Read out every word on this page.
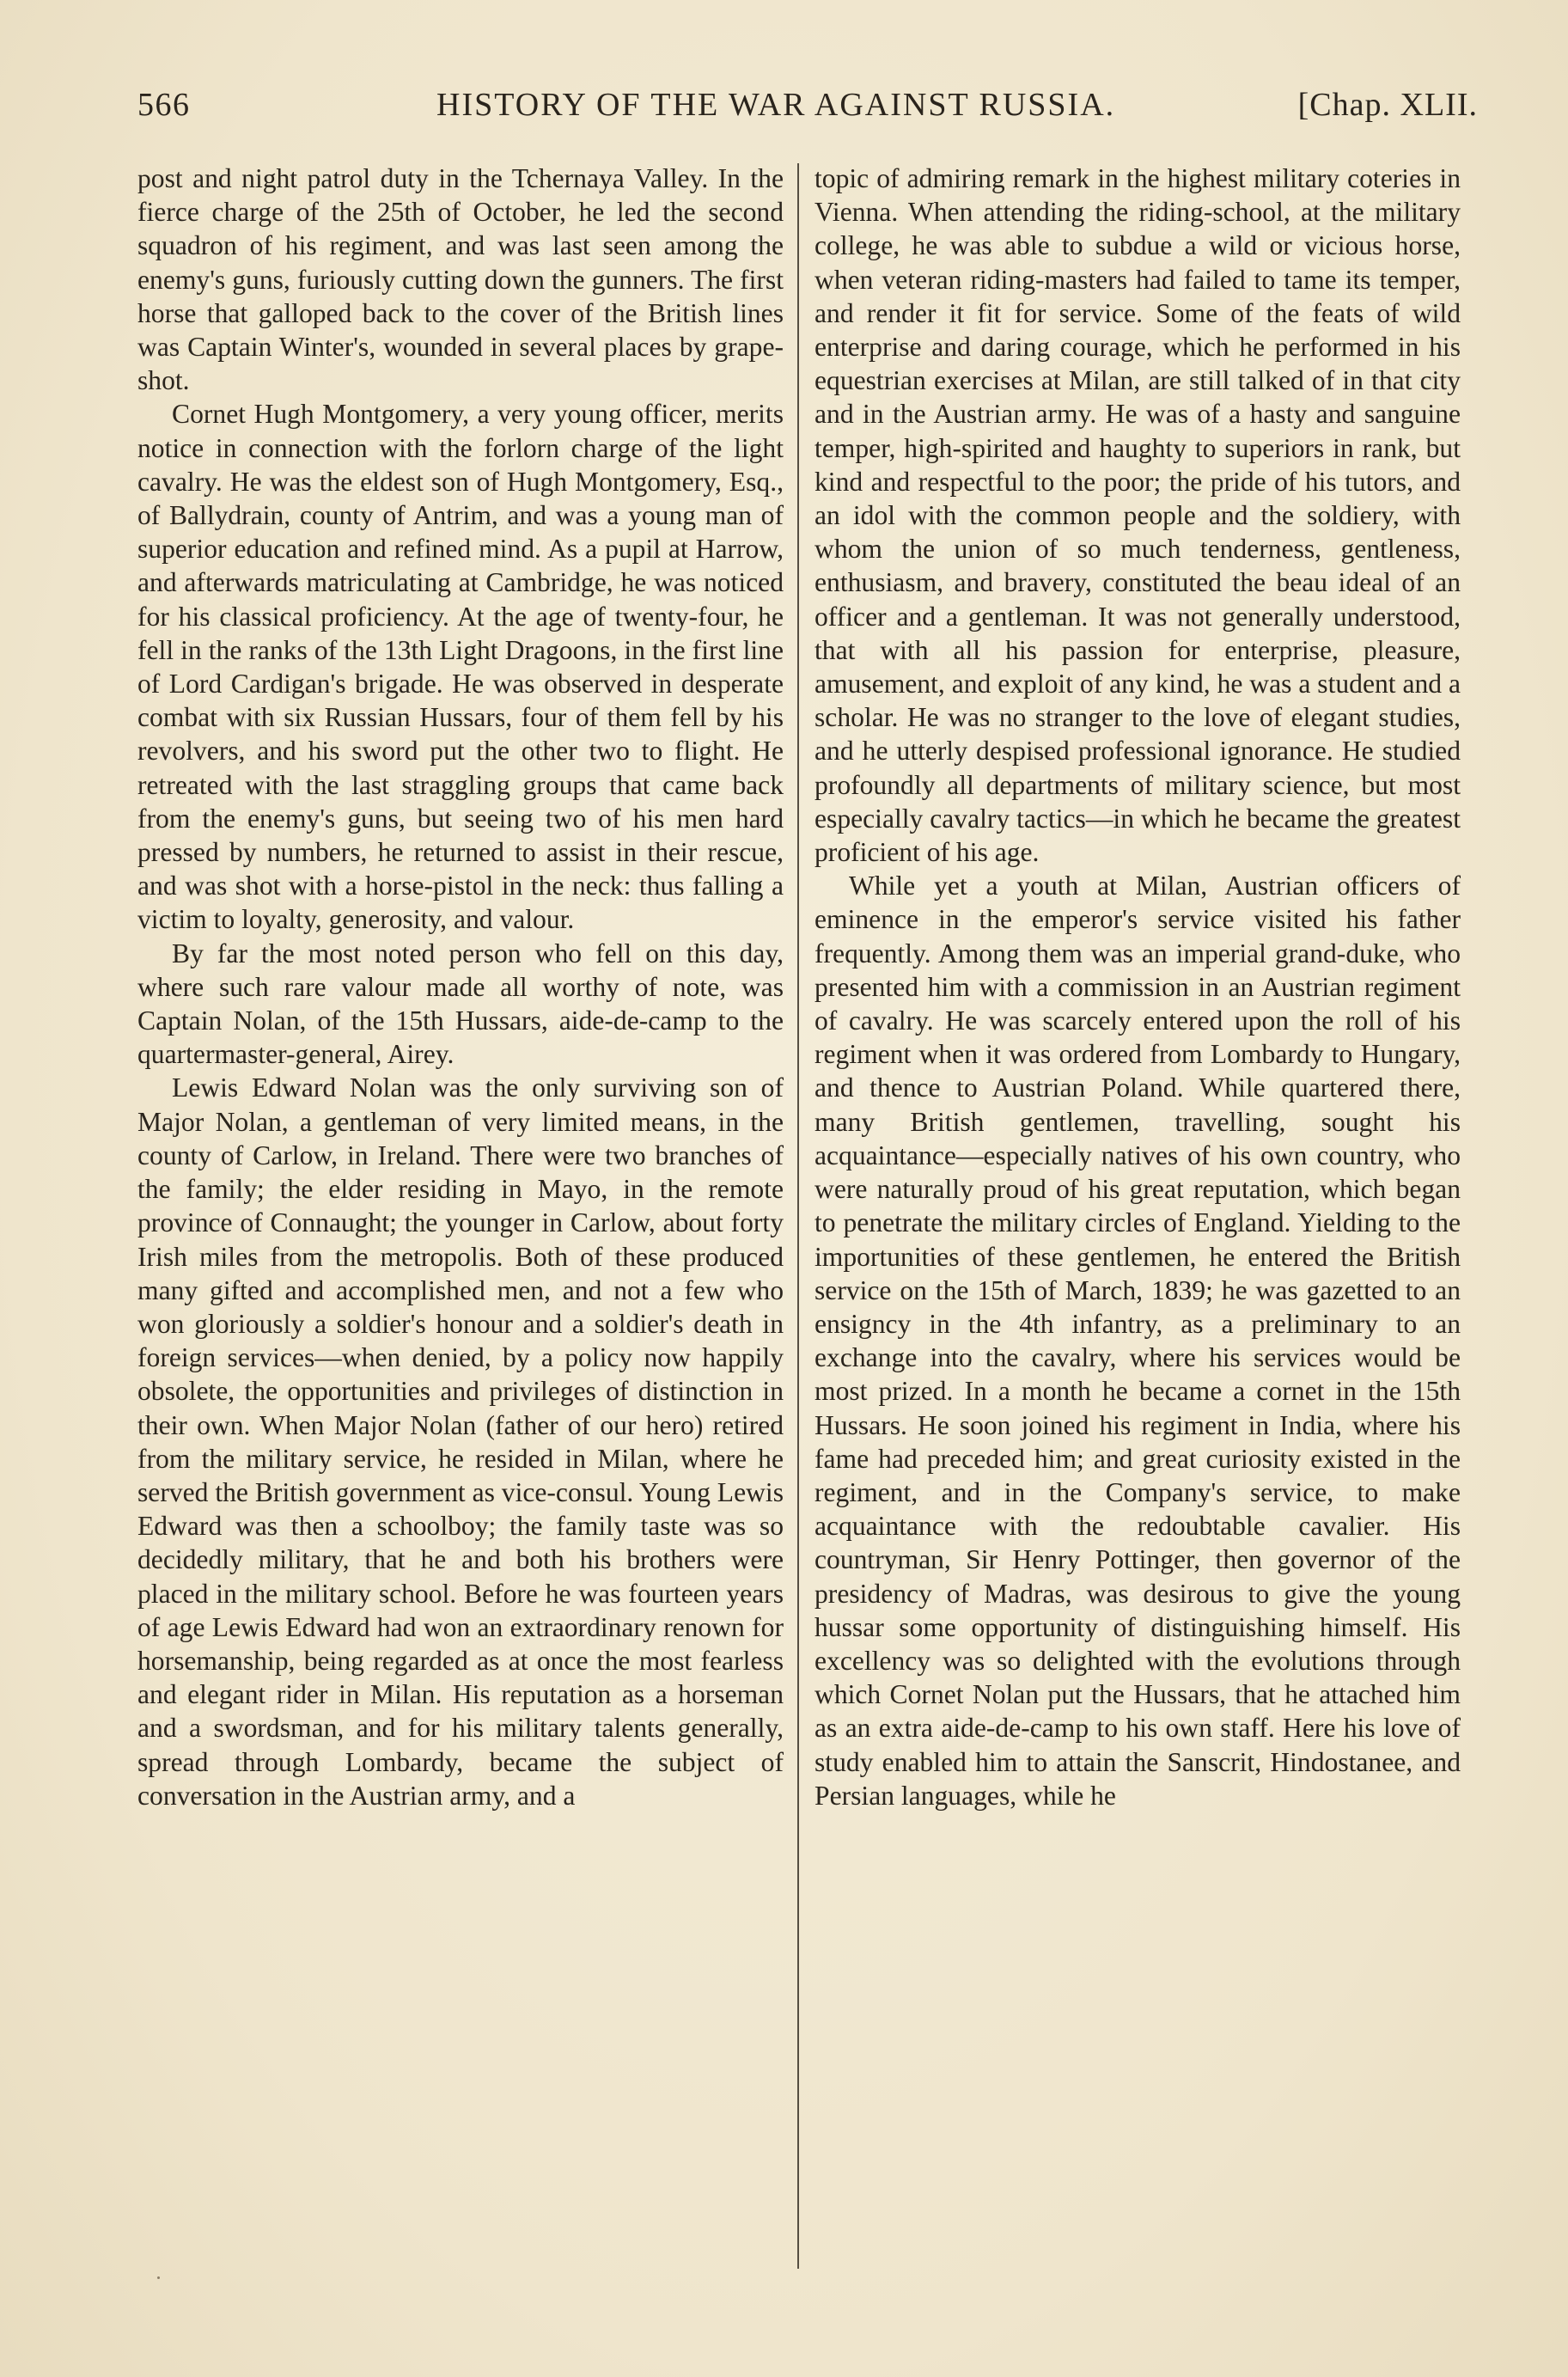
566	HISTORY OF THE WAR AGAINST RUSSIA.	[Chap. XLII.

post and night patrol duty in the Tchernaya Valley. In the fierce charge of the 25th of October, he led the second squadron of his regiment, and was last seen among the enemy's guns, furiously cutting down the gunners. The first horse that galloped back to the cover of the British lines was Captain Winter's, wounded in several places by grape-shot.

Cornet Hugh Montgomery, a very young officer, merits notice in connection with the forlorn charge of the light cavalry. He was the eldest son of Hugh Montgomery, Esq., of Ballydrain, county of Antrim, and was a young man of superior education and refined mind. As a pupil at Harrow, and afterwards matriculating at Cambridge, he was noticed for his classical proficiency. At the age of twenty-four, he fell in the ranks of the 13th Light Dragoons, in the first line of Lord Cardigan's brigade. He was observed in desperate combat with six Russian Hussars, four of them fell by his revolvers, and his sword put the other two to flight. He retreated with the last straggling groups that came back from the enemy's guns, but seeing two of his men hard pressed by numbers, he returned to assist in their rescue, and was shot with a horse-pistol in the neck: thus falling a victim to loyalty, generosity, and valour.

By far the most noted person who fell on this day, where such rare valour made all worthy of note, was Captain Nolan, of the 15th Hussars, aide-de-camp to the quartermaster-general, Airey.

Lewis Edward Nolan was the only surviving son of Major Nolan, a gentleman of very limited means, in the county of Carlow, in Ireland. There were two branches of the family; the elder residing in Mayo, in the remote province of Connaught; the younger in Carlow, about forty Irish miles from the metropolis. Both of these produced many gifted and accomplished men, and not a few who won gloriously a soldier's honour and a soldier's death in foreign services—when denied, by a policy now happily obsolete, the opportunities and privileges of distinction in their own. When Major Nolan (father of our hero) retired from the military service, he resided in Milan, where he served the British government as vice-consul. Young Lewis Edward was then a schoolboy; the family taste was so decidedly military, that he and both his brothers were placed in the military school. Before he was fourteen years of age Lewis Edward had won an extraordinary renown for horsemanship, being regarded as at once the most fearless and elegant rider in Milan. His reputation as a horseman and a swordsman, and for his military talents generally, spread through Lombardy, became the subject of conversation in the Austrian army, and a

topic of admiring remark in the highest military coteries in Vienna. When attending the riding-school, at the military college, he was able to subdue a wild or vicious horse, when veteran riding-masters had failed to tame its temper, and render it fit for service. Some of the feats of wild enterprise and daring courage, which he performed in his equestrian exercises at Milan, are still talked of in that city and in the Austrian army. He was of a hasty and sanguine temper, high-spirited and haughty to superiors in rank, but kind and respectful to the poor; the pride of his tutors, and an idol with the common people and the soldiery, with whom the union of so much tenderness, gentleness, enthusiasm, and bravery, constituted the beau ideal of an officer and a gentleman. It was not generally understood, that with all his passion for enterprise, pleasure, amusement, and exploit of any kind, he was a student and a scholar. He was no stranger to the love of elegant studies, and he utterly despised professional ignorance. He studied profoundly all departments of military science, but most especially cavalry tactics—in which he became the greatest proficient of his age.

While yet a youth at Milan, Austrian officers of eminence in the emperor's service visited his father frequently. Among them was an imperial grand-duke, who presented him with a commission in an Austrian regiment of cavalry. He was scarcely entered upon the roll of his regiment when it was ordered from Lombardy to Hungary, and thence to Austrian Poland. While quartered there, many British gentlemen, travelling, sought his acquaintance—especially natives of his own country, who were naturally proud of his great reputation, which began to penetrate the military circles of England. Yielding to the importunities of these gentlemen, he entered the British service on the 15th of March, 1839; he was gazetted to an ensigncy in the 4th infantry, as a preliminary to an exchange into the cavalry, where his services would be most prized. In a month he became a cornet in the 15th Hussars. He soon joined his regiment in India, where his fame had preceded him; and great curiosity existed in the regiment, and in the Company's service, to make acquaintance with the redoubtable cavalier. His countryman, Sir Henry Pottinger, then governor of the presidency of Madras, was desirous to give the young hussar some opportunity of distinguishing himself. His excellency was so delighted with the evolutions through which Cornet Nolan put the Hussars, that he attached him as an extra aide-de-camp to his own staff. Here his love of study enabled him to attain the Sanscrit, Hindostanee, and Persian languages, while he
